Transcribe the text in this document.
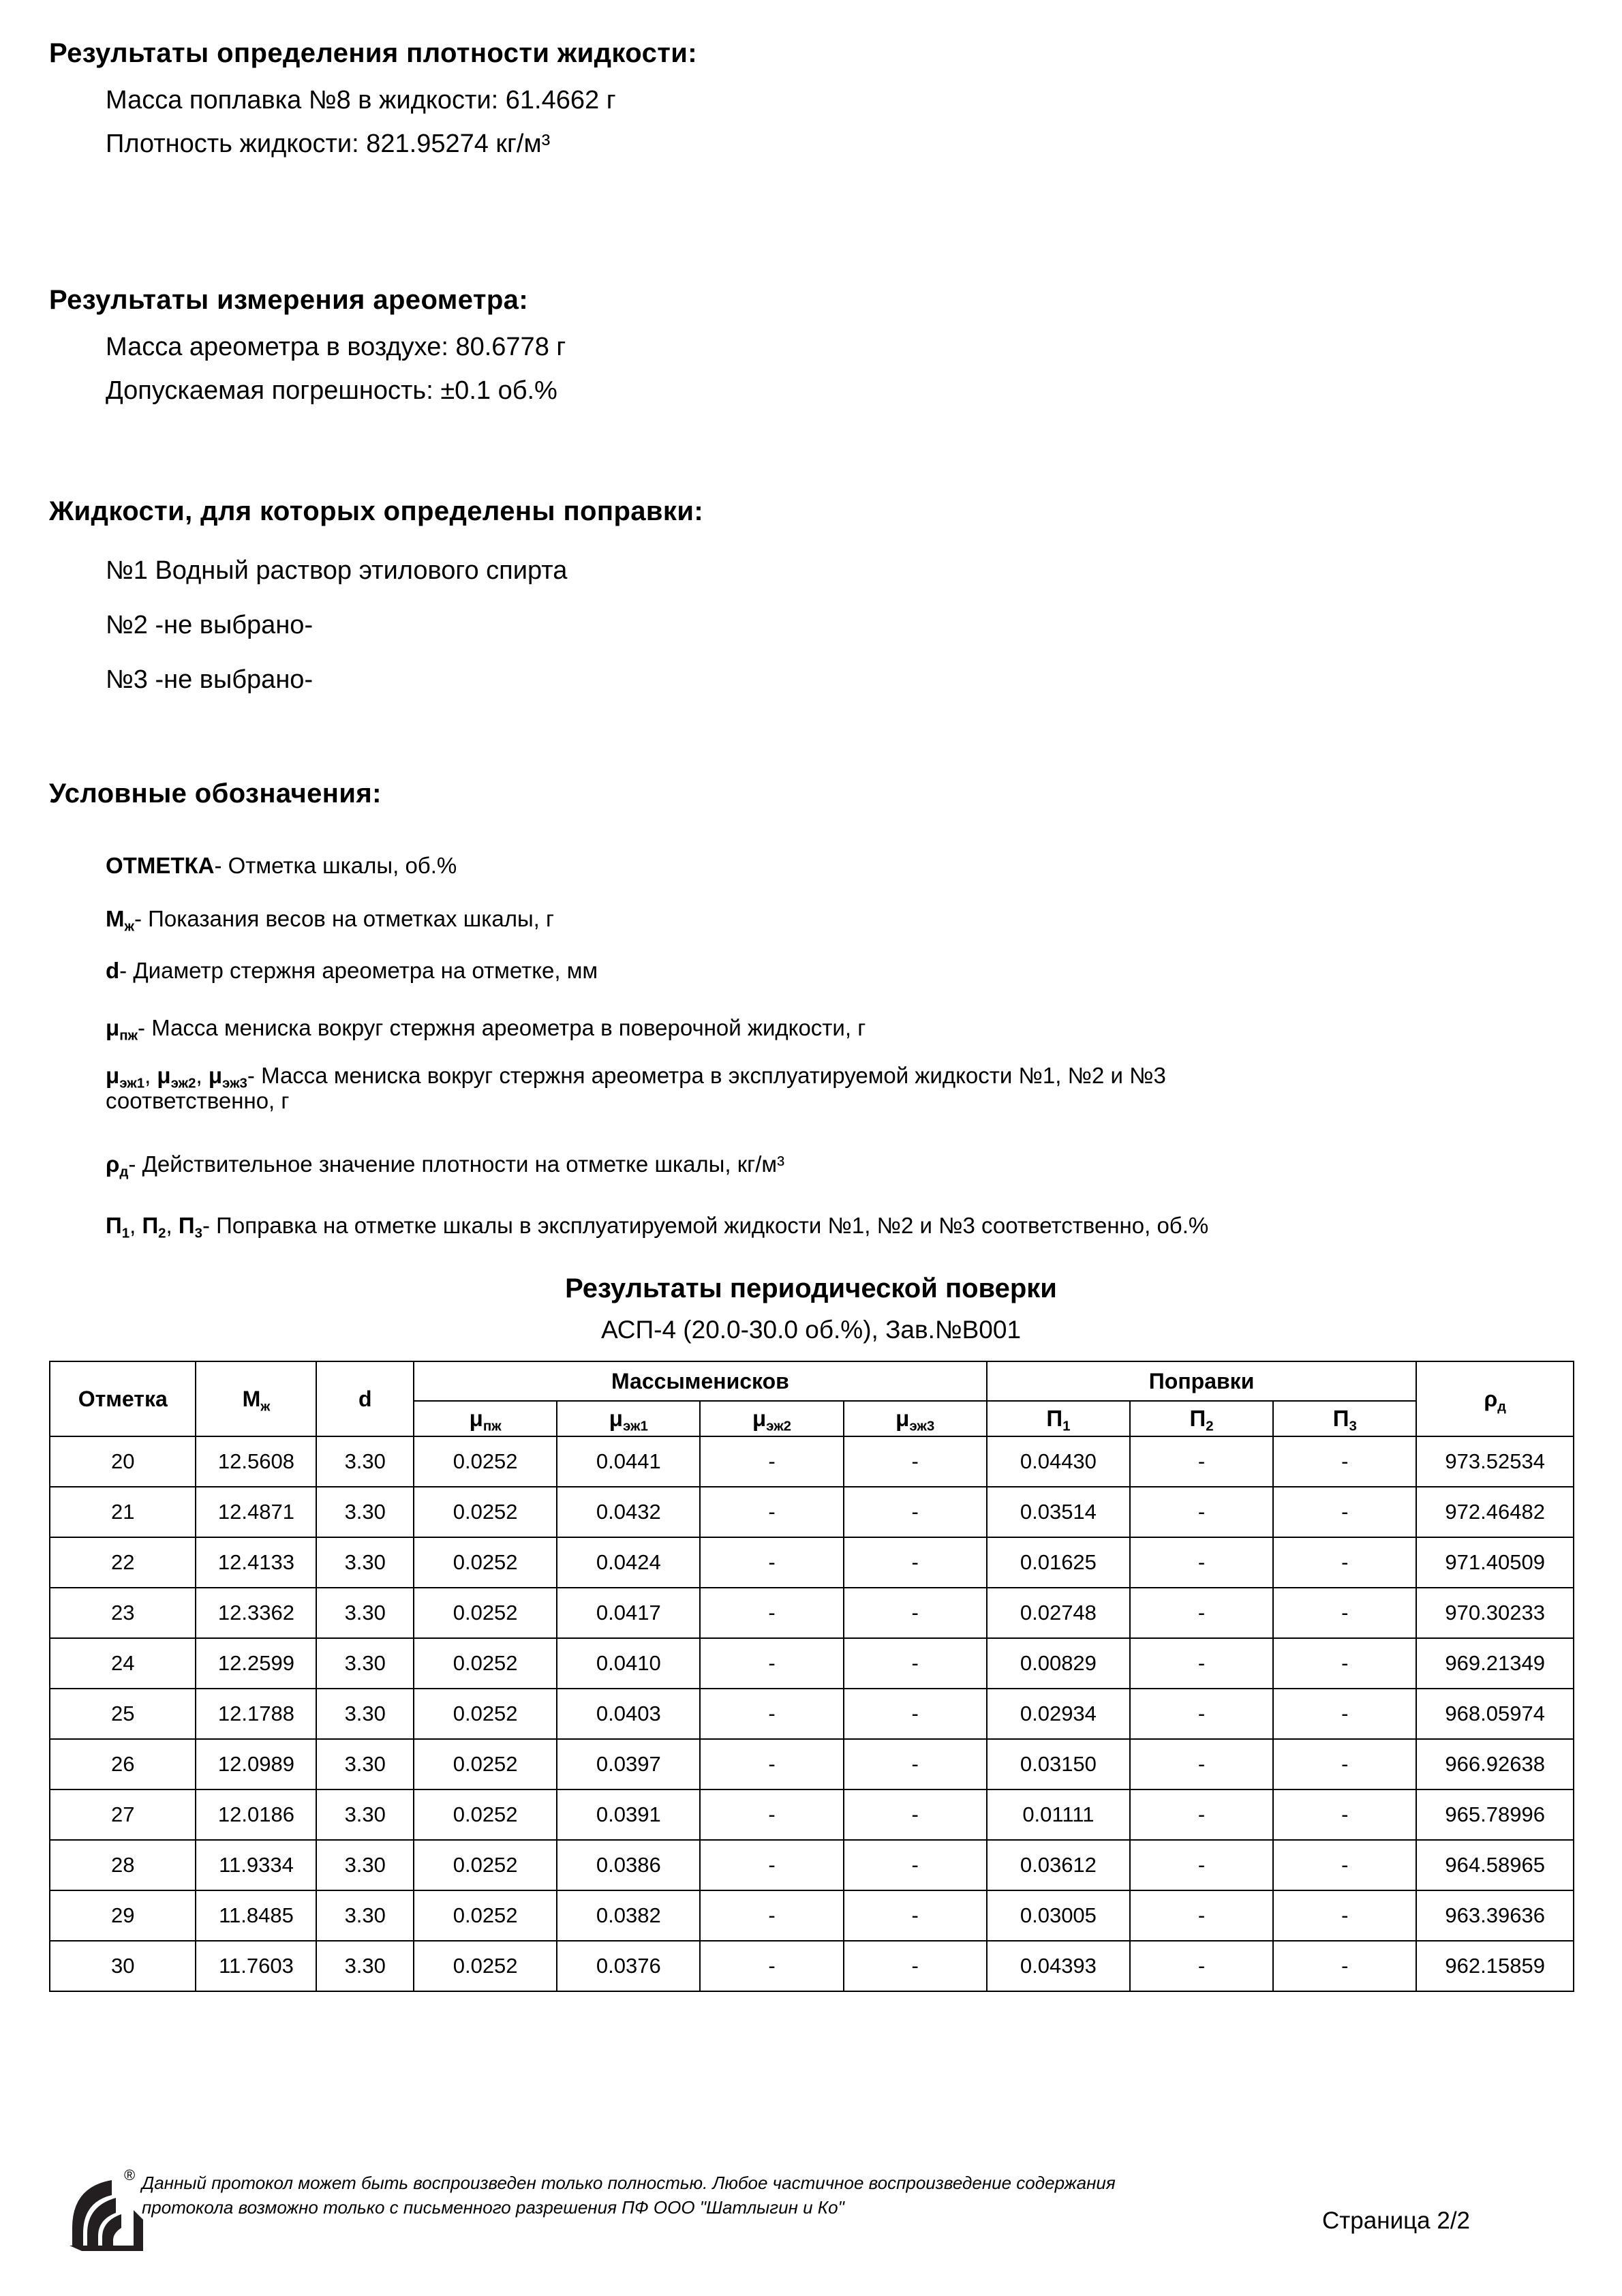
Результаты определения плотности жидкости:
Масса поплавка №8 в жидкости: 61.4662 г
Плотность жидкости: 821.95274 кг/м³
Результаты измерения ареометра:
Масса ареометра в воздухе: 80.6778 г
Допускаемая погрешность: ±0.1 об.%
Жидкости, для которых определены поправки:
№1 Водный раствор этилового спирта
№2 -не выбрано-
№3 -не выбрано-
Условные обозначения:
ОТМЕТКА- Отметка шкалы, об.%
$М_ж-$ Показания весов на отметках шкалы, г
d- Диаметр стержня ареометра на отметке, мм
$\mu_{пж}-$ Масса мениска вокруг стержня ареометра в поверочной жидкости, г
$\mu_{эж1}$, $\mu_{эж2}$, $\mu_{эж3}-$ Масса мениска вокруг стержня ареометра в эксплуатируемой жидкости №1, №2 и №3
соответственно, г
$\rho_д-$ Действительное значение плотности на отметке шкалы, кг/м³
$П_1$, $П_2$, $П_3-$ Поправка на отметке шкалы в эксплуатируемой жидкости №1, №2 и №3 соответственно, об.%
Результаты периодической поверки
АСП-4 (20.0-30.0 об.%), Зав.№В001
Отметка	$М_ж$	d	Массыменисков				Поправки			$\rho_д$
			$\mu_{пж}$	$\mu_{эж1}$	$\mu_{эж2}$	$\mu_{эж3}$	$П_1$	$П_2$	$П_3$
20	12.5608	3.30	0.0252	0.0441	-	-	0.04430	-	-	973.52534
21	12.4871	3.30	0.0252	0.0432	-	-	0.03514	-	-	972.46482
22	12.4133	3.30	0.0252	0.0424	-	-	0.01625	-	-	971.40509
23	12.3362	3.30	0.0252	0.0417	-	-	0.02748	-	-	970.30233
24	12.2599	3.30	0.0252	0.0410	-	-	0.00829	-	-	969.21349
25	12.1788	3.30	0.0252	0.0403	-	-	0.02934	-	-	968.05974
26	12.0989	3.30	0.0252	0.0397	-	-	0.03150	-	-	966.92638
27	12.0186	3.30	0.0252	0.0391	-	-	0.01111	-	-	965.78996
28	11.9334	3.30	0.0252	0.0386	-	-	0.03612	-	-	964.58965
29	11.8485	3.30	0.0252	0.0382	-	-	0.03005	-	-	963.39636
30	11.7603	3.30	0.0252	0.0376	-	-	0.04393	-	-	962.15859
® Данный протокол может быть воспроизведен только полностью. Любое частичное воспроизведение содержания протокола возможно только с письменного разрешения ПФ ООО "Шатлыгин и Ко"	Страница 2/2
